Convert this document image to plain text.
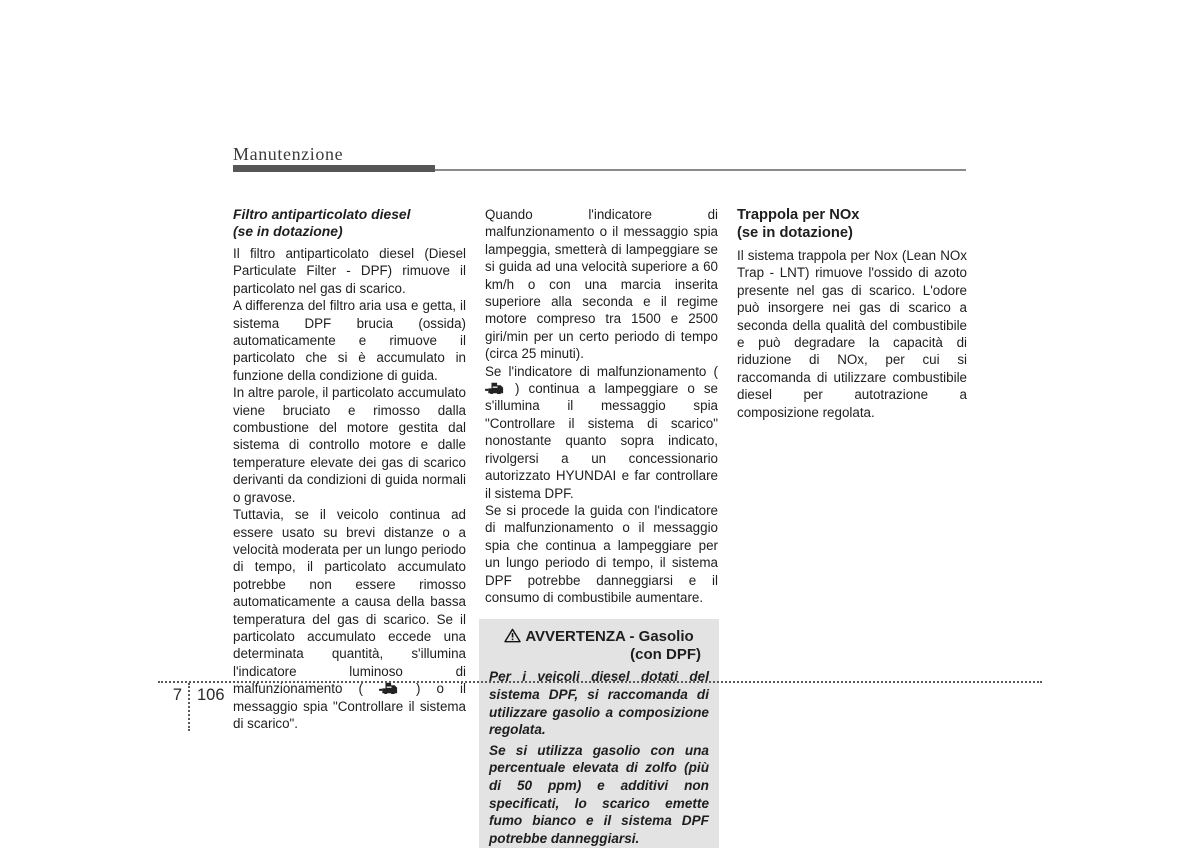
Manutenzione
Filtro antiparticolato diesel
(se in dotazione)

Il filtro antiparticolato diesel (Diesel Particulate Filter - DPF) rimuove il particolato nel gas di scarico.

A differenza del filtro aria usa e getta, il sistema DPF brucia (ossida) automaticamente e rimuove il particolato che si è accumulato in funzione della condizione di guida.

In altre parole, il particolato accumulato viene bruciato e rimosso dalla combustione del motore gestita dal sistema di controllo motore e dalle temperature elevate dei gas di scarico derivanti da condizioni di guida normali o gravose.

Tuttavia, se il veicolo continua ad essere usato su brevi distanze o a velocità moderata per un lungo periodo di tempo, il particolato accumulato potrebbe non essere rimosso automaticamente a causa della bassa temperatura del gas di scarico. Se il particolato accumulato eccede una determinata quantità, s'illumina l'indicatore luminoso di malfunzionamento (  ) o il messaggio spia "Controllare il sistema di scarico".

Quando l'indicatore di malfunzionamento o il messaggio spia lampeggia, smetterà di lampeggiare se si guida ad una velocità superiore a 60 km/h o con una marcia inserita superiore alla seconda e il regime motore compreso tra 1500 e 2500 giri/min per un certo periodo di tempo (circa 25 minuti).

Se l'indicatore di malfunzionamento (  ) continua a lampeggiare o se s'illumina il messaggio spia "Controllare il sistema di scarico" nonostante quanto sopra indicato, rivolgersi a un concessionario autorizzato HYUNDAI e far controllare il sistema DPF.

Se si procede la guida con l'indicatore di malfunzionamento o il messaggio spia che continua a lampeggiare per un lungo periodo di tempo, il sistema DPF potrebbe danneggiarsi e il consumo di combustibile aumentare.

AVVERTENZA - Gasolio
(con DPF)

Per i veicoli diesel dotati del sistema DPF, si raccomanda di utilizzare gasolio a composizione regolata.

Se si utilizza gasolio con una percentuale elevata di zolfo (più di 50 ppm) e additivi non specificati, lo scarico emette fumo bianco e il sistema DPF potrebbe danneggiarsi.

Trappola per NOx
(se in dotazione)

Il sistema trappola per Nox (Lean NOx Trap - LNT) rimuove l'ossido di azoto presente nel gas di scarico. L'odore può insorgere nei gas di scarico a seconda della qualità del combustibile e può degradare la capacità di riduzione di NOx, per cui si raccomanda di utilizzare combustibile diesel per autotrazione a composizione regolata.

7 106
